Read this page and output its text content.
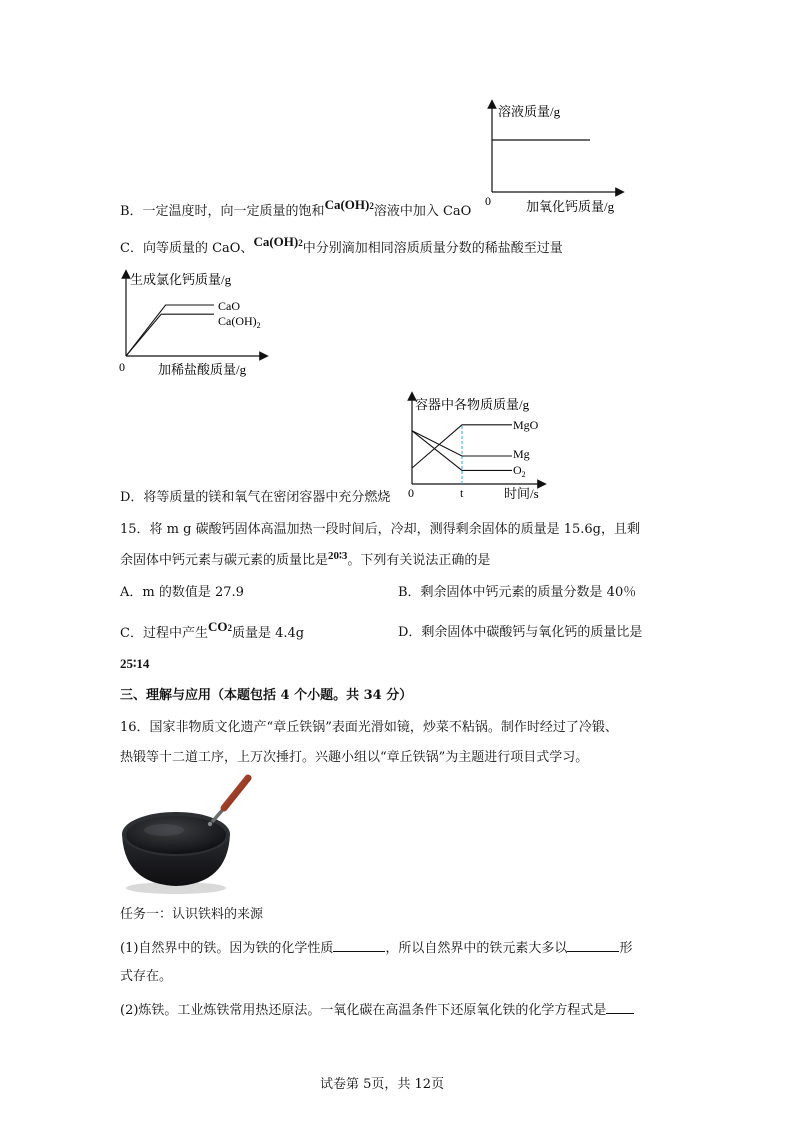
溶液质量/g
0	加氧化钙质量/g
B．一定温度时，向一定质量的饱和Ca(OH)2溶液中加入 CaO
C．向等质量的 CaO、Ca(OH)2中分别滴加相同溶质质量分数的稀盐酸至过量
生成氯化钙质量/g
0	加稀盐酸质量/g
CaO
$Ca(OH)_2$
容器中各物质质量/g
0	t	时间/s
MgO
Mg
$O_2$
D．将等质量的镁和氧气在密闭容器中充分燃烧
15．将 m g 碳酸钙固体高温加热一段时间后，冷却，测得剩余固体的质量是 15.6g，且剩
余固体中钙元素与碳元素的质量比是$^{20∶3}$。下列有关说法正确的是
A．m 的数值是 27.9	B．剩余固体中钙元素的质量分数是 40％
C．过程中产生CO2质量是 4.4g	D．剩余固体中碳酸钙与氧化钙的质量比是
25∶14
三、理解与应用（本题包括 4 个小题。共 34 分）
16．国家非物质文化遗产“章丘铁锅”表面光滑如镜，炒菜不粘锅。制作时经过了冷锻、
热锻等十二道工序，上万次捶打。兴趣小组以“章丘铁锅”为主题进行项目式学习。
任务一：认识铁料的来源
(1)自然界中的铁。因为铁的化学性质	，所以自然界中的铁元素大多以	形
式存在。
(2)炼铁。工业炼铁常用热还原法。一氧化碳在高温条件下还原氧化铁的化学方程式是
试卷第 5页，共 12页
